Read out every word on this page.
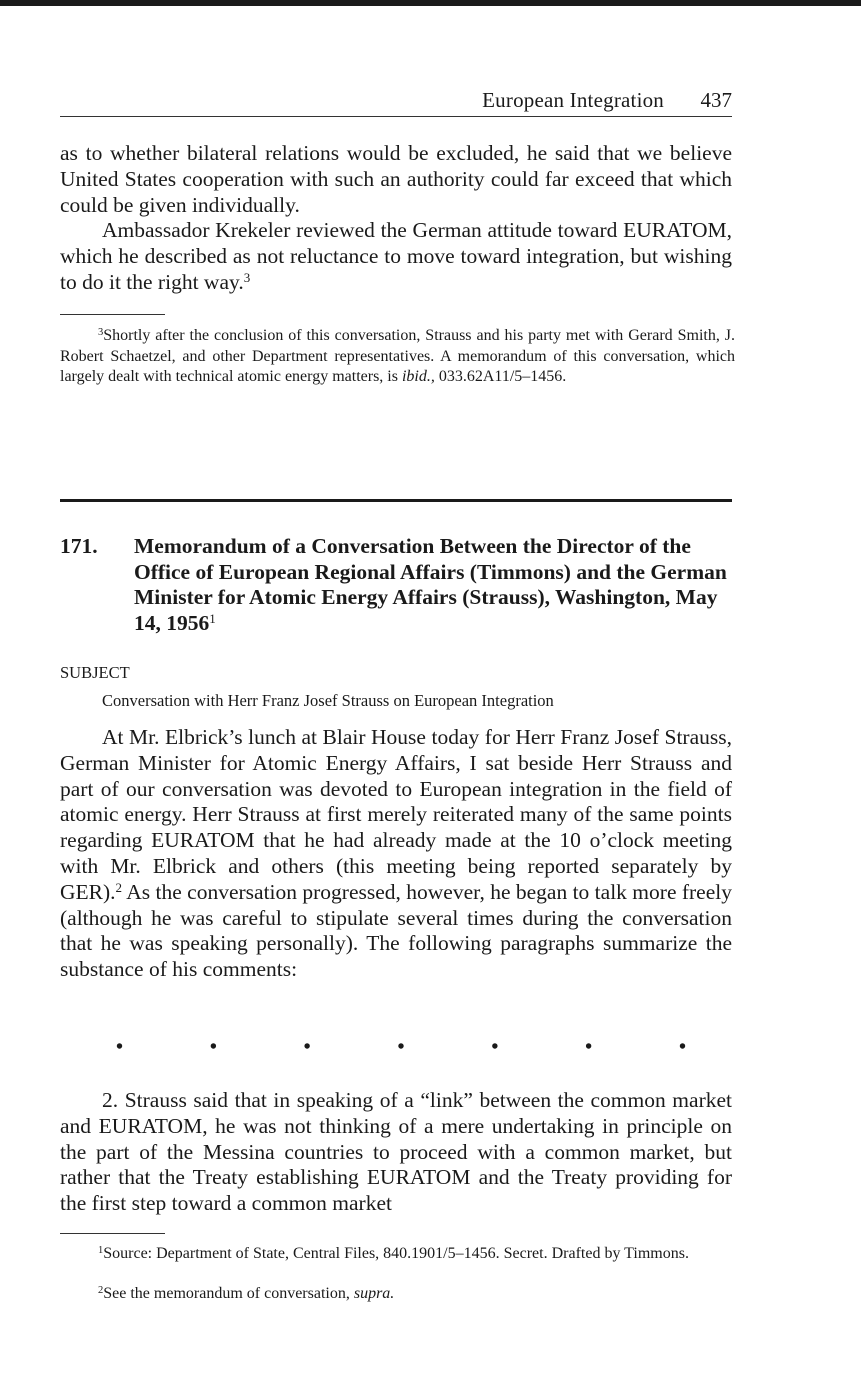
European Integration 437

as to whether bilateral relations would be excluded, he said that we believe United States cooperation with such an authority could far exceed that which could be given individually.

Ambassador Krekeler reviewed the German attitude toward EURATOM, which he described as not reluctance to move toward integration, but wishing to do it the right way.$^3$

$^3$Shortly after the conclusion of this conversation, Strauss and his party met with Gerard Smith, J. Robert Schaetzel, and other Department representatives. A memorandum of this conversation, which largely dealt with technical atomic energy matters, is ibid., 033.62A11/5–1456.

171. Memorandum of a Conversation Between the Director of the Office of European Regional Affairs (Timmons) and the German Minister for Atomic Energy Affairs (Strauss), Washington, May 14, 1956$^1$

SUBJECT
Conversation with Herr Franz Josef Strauss on European Integration

At Mr. Elbrick’s lunch at Blair House today for Herr Franz Josef Strauss, German Minister for Atomic Energy Affairs, I sat beside Herr Strauss and part of our conversation was devoted to European integration in the field of atomic energy. Herr Strauss at first merely reiterated many of the same points regarding EURATOM that he had already made at the 10 o’clock meeting with Mr. Elbrick and others (this meeting being reported separately by GER).$^2$ As the conversation progressed, however, he began to talk more freely (although he was careful to stipulate several times during the conversation that he was speaking personally). The following paragraphs summarize the substance of his comments:

•	•	•	•	•	•	•

2. Strauss said that in speaking of a “link” between the common market and EURATOM, he was not thinking of a mere undertaking in principle on the part of the Messina countries to proceed with a common market, but rather that the Treaty establishing EURATOM and the Treaty providing for the first step toward a common market

$^1$Source: Department of State, Central Files, 840.1901/5–1456. Secret. Drafted by Timmons.

$^2$See the memorandum of conversation, supra.
